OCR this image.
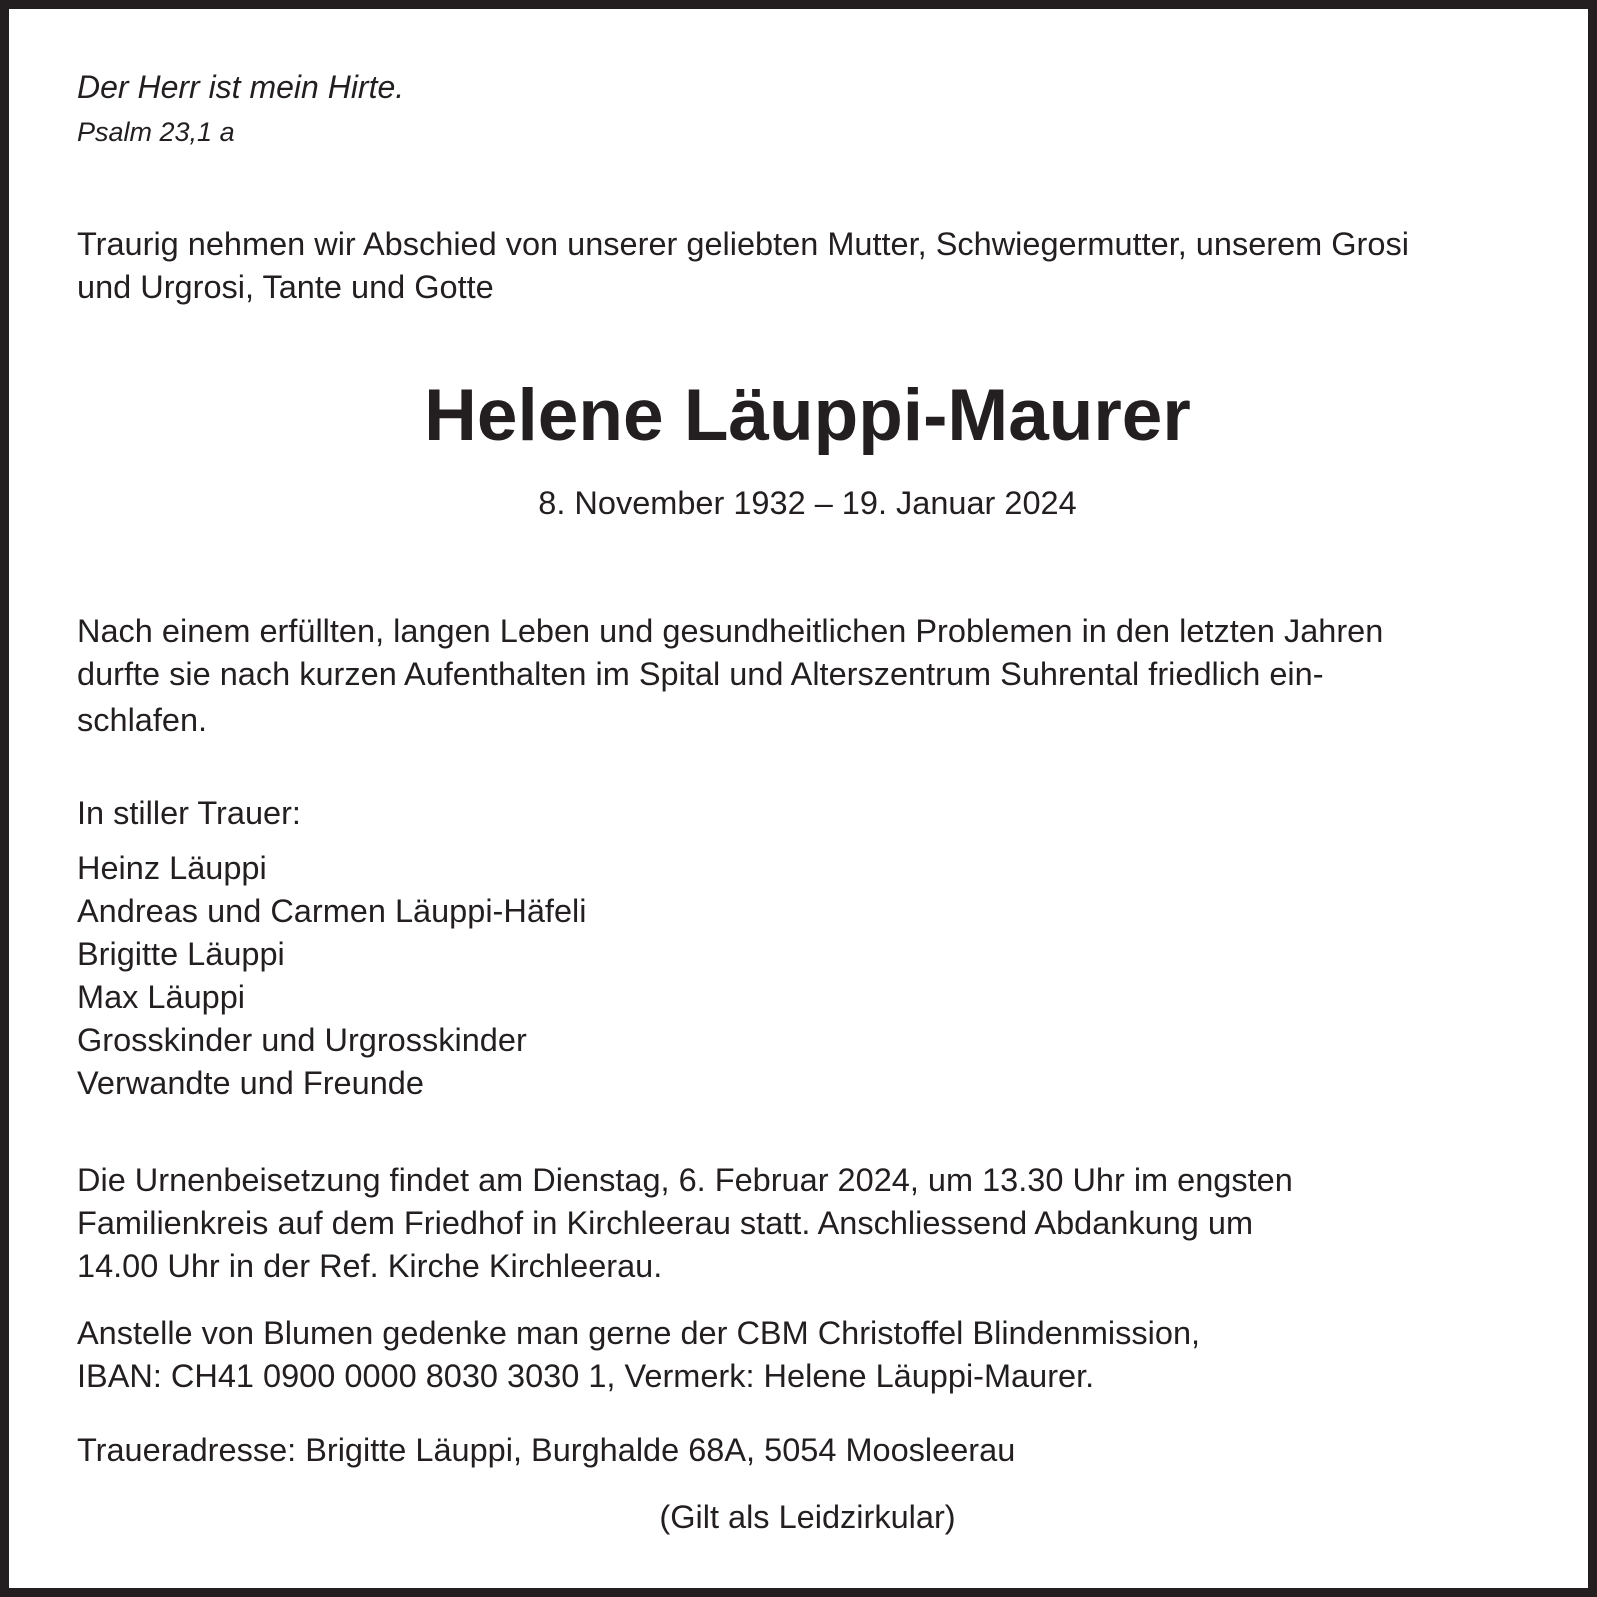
Der Herr ist mein Hirte.

Psalm 23,1 a

Traurig nehmen wir Abschied von unserer geliebten Mutter, Schwiegermutter, unserem Grosi
und Urgrosi, Tante und Gotte
Helene Läuppi-Maurer

8. November 1932 – 19. Januar 2024

Nach einem erfüllten, langen Leben und gesundheitlichen Problemen in den letzten Jahren
durfte sie nach kurzen Aufenthalten im Spital und Alterszentrum Suhrental friedlich ein-
schlafen.

In stiller Trauer:

Heinz Läuppi
Andreas und Carmen Läuppi-Häfeli
Brigitte Läuppi
Max Läuppi
Grosskinder und Urgrosskinder
Verwandte und Freunde
Die Urnenbeisetzung findet am Dienstag, 6. Februar 2024, um 13.30 Uhr im engsten
Familienkreis auf dem Friedhof in Kirchleerau statt. Anschliessend Abdankung um
14.00 Uhr in der Ref. Kirche Kirchleerau.
Anstelle von Blumen gedenke man gerne der CBM Christoffel Blindenmission,
IBAN: CH41 0900 0000 8030 3030 1, Vermerk: Helene Läuppi-Maurer.

Traueradresse: Brigitte Läuppi, Burghalde 68A, 5054 Moosleerau

(Gilt als Leidzirkular)
